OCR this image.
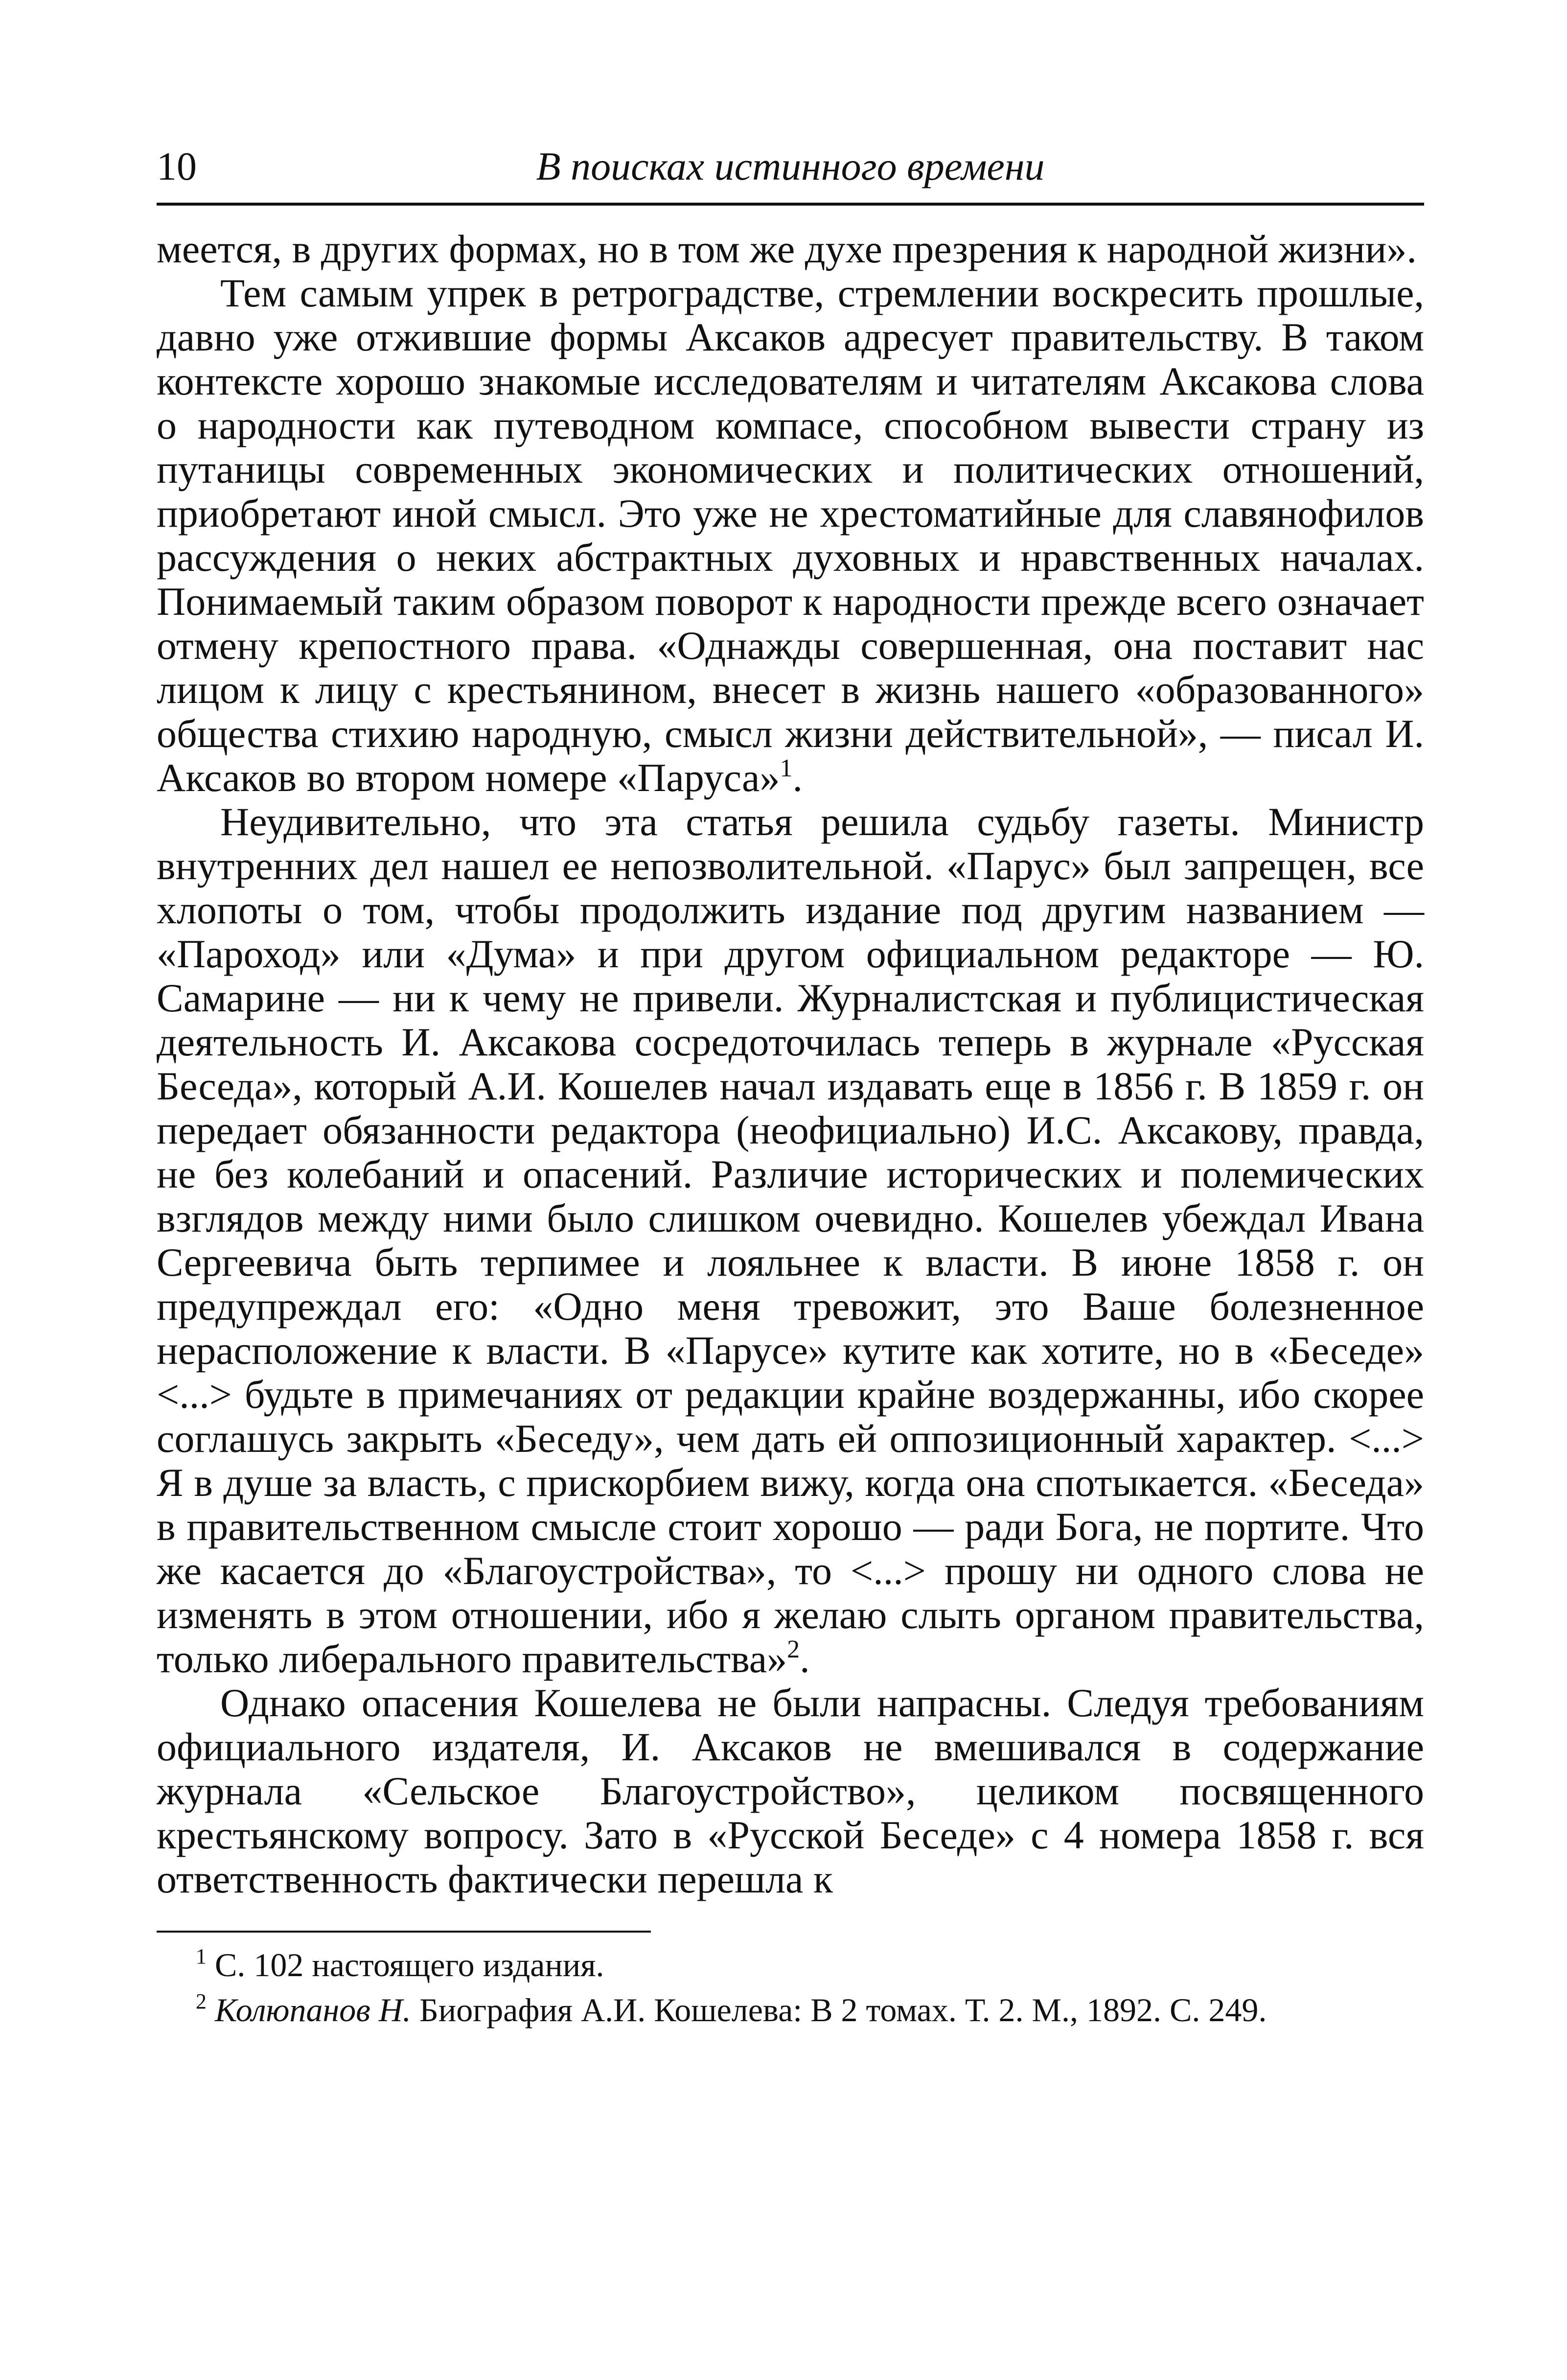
10	В поисках истинного времени

меется, в других формах, но в том же духе презрения к народной жизни».

Тем самым упрек в ретроградстве, стремлении воскресить прошлые, давно уже отжившие формы Аксаков адресует правительству. В таком контексте хорошо знакомые исследователям и читателям Аксакова слова о народности как путеводном компасе, способном вывести страну из путаницы современных экономических и политических отношений, приобретают иной смысл. Это уже не хрестоматийные для славянофилов рассуждения о неких абстрактных духовных и нравственных началах. Понимаемый таким образом поворот к народности прежде всего означает отмену крепостного права. «Однажды совершенная, она поставит нас лицом к лицу с крестьянином, внесет в жизнь нашего «образованного» общества стихию народную, смысл жизни действительной», — писал И. Аксаков во втором номере «Паруса»$^1$.

Неудивительно, что эта статья решила судьбу газеты. Министр внутренних дел нашел ее непозволительной. «Парус» был запрещен, все хлопоты о том, чтобы продолжить издание под другим названием — «Пароход» или «Дума» и при другом официальном редакторе — Ю. Самарине — ни к чему не привели. Журналистская и публицистическая деятельность И. Аксакова сосредоточилась теперь в журнале «Русская Беседа», который А.И. Кошелев начал издавать еще в 1856 г. В 1859 г. он передает обязанности редактора (неофициально) И.С. Аксакову, правда, не без колебаний и опасений. Различие исторических и полемических взглядов между ними было слишком очевидно. Кошелев убеждал Ивана Сергеевича быть терпимее и лояльнее к власти. В июне 1858 г. он предупреждал его: «Одно меня тревожит, это Ваше болезненное нерасположение к власти. В «Парусе» кутите как хотите, но в «Беседе» <...> будьте в примечаниях от редакции крайне воздержанны, ибо скорее соглашусь закрыть «Беседу», чем дать ей оппозиционный характер. <...> Я в душе за власть, с прискорбием вижу, когда она спотыкается. «Беседа» в правительственном смысле стоит хорошо — ради Бога, не портите. Что же касается до «Благоустройства», то <...> прошу ни одного слова не изменять в этом отношении, ибо я желаю слыть органом правительства, только либерального правительства»$^2$.

Однако опасения Кошелева не были напрасны. Следуя требованиям официального издателя, И. Аксаков не вмешивался в содержание журнала «Сельское Благоустройство», целиком посвященного крестьянскому вопросу. Зато в «Русской Беседе» с 4 номера 1858 г. вся ответственность фактически перешла к

$^1$ С. 102 настоящего издания.

$^2$ Колюпанов Н. Биография А.И. Кошелева: В 2 томах. Т. 2. М., 1892. С. 249.
